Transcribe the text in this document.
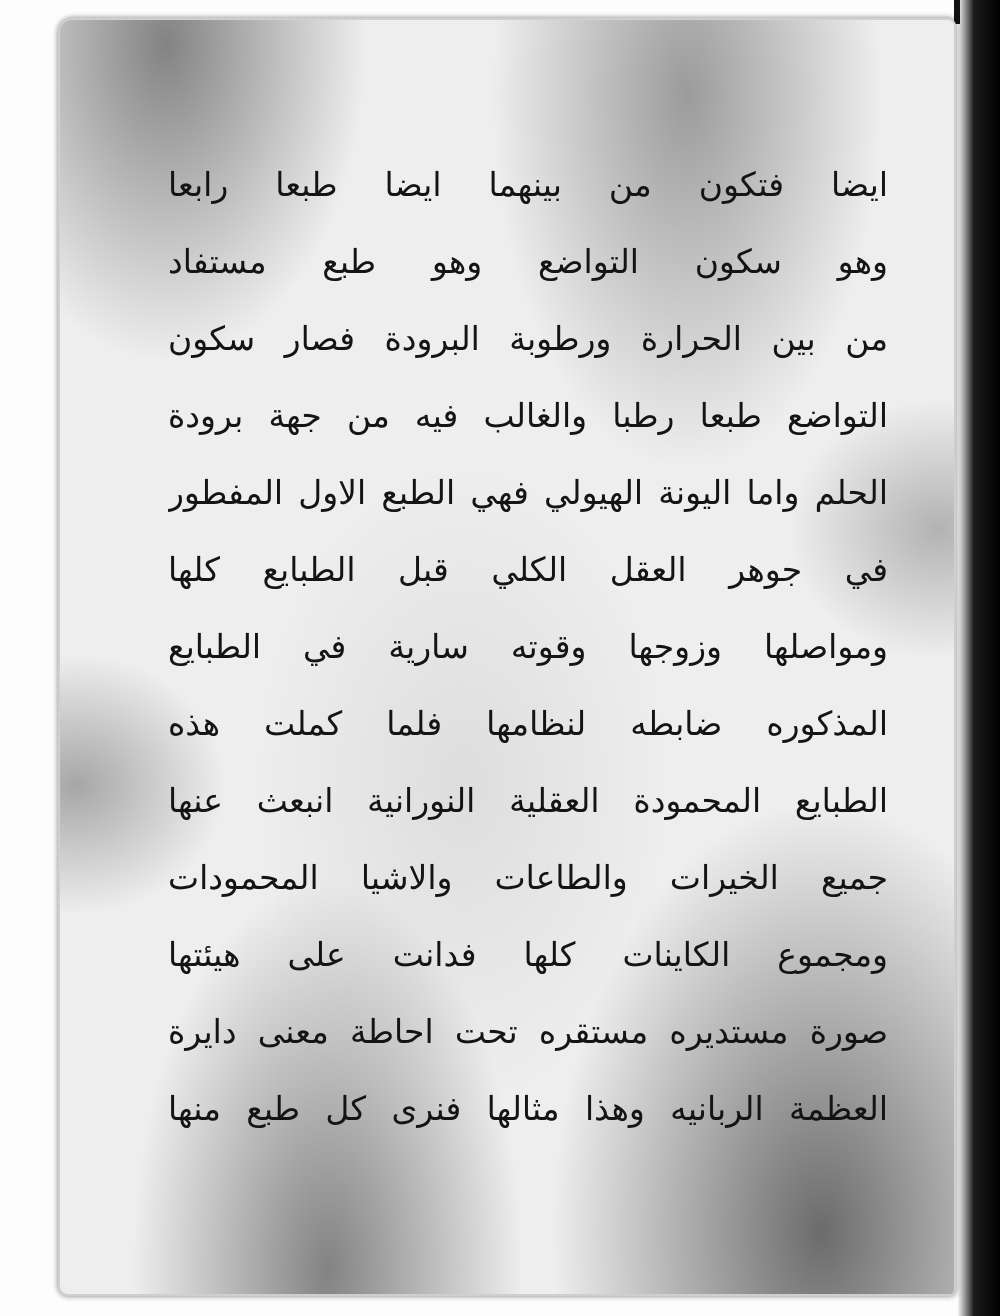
ايضا فتكون من بينهما ايضا طبعا رابعا
وهو سكون التواضع وهو طبع مستفاد
من بين الحرارة ورطوبة البرودة فصار سكون
التواضع طبعا رطبا والغالب فيه من جهة برودة
الحلم واما اليونة الهيولي فهي الطبع الاول المفطور
في جوهر العقل الكلي قبل الطبايع كلها
ومواصلها وزوجها وقوته سارية في الطبايع
المذكوره ضابطه لنظامها فلما كملت هذه
الطبايع المحمودة العقلية النورانية انبعث عنها
جميع الخيرات والطاعات والاشيا المحمودات
ومجموع الكاينات كلها فدانت على هيئتها
صورة مستديره مستقره تحت احاطة معنى دايرة
العظمة الربانيه وهذا مثالها فنرى كل طبع منها
